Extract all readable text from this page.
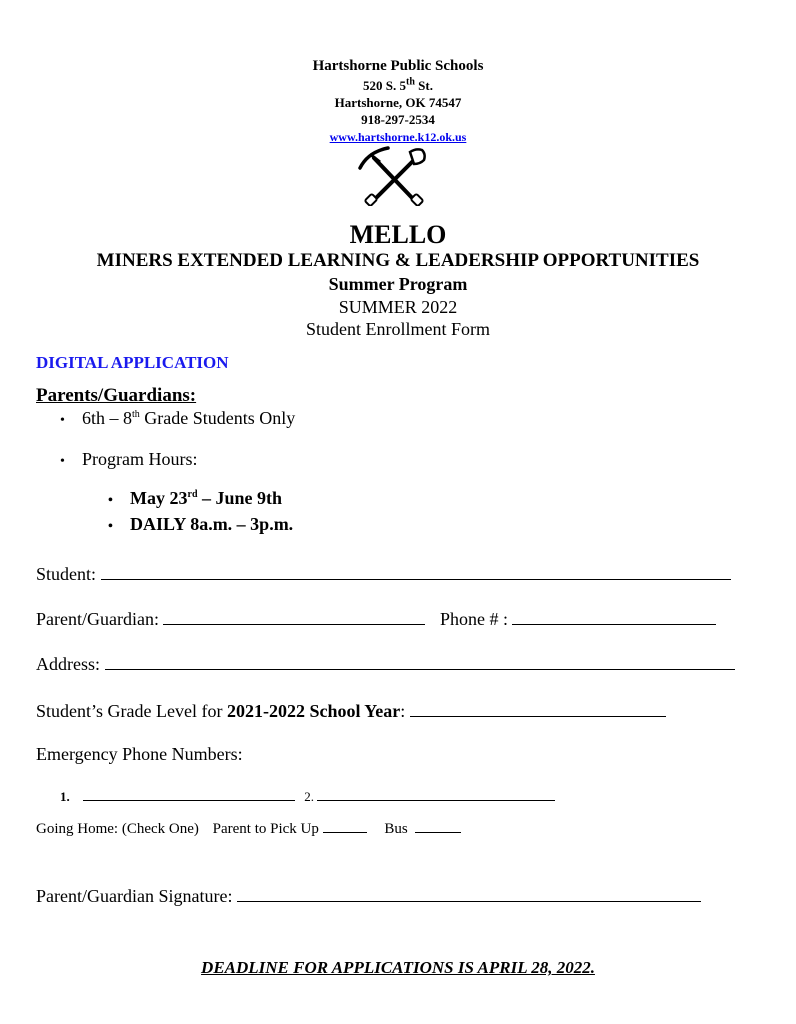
Hartshorne Public Schools
520 S. 5th St.
Hartshorne, OK 74547
918-297-2534
www.hartshorne.k12.ok.us
MELLO
MINERS EXTENDED LEARNING & LEADERSHIP OPPORTUNITIES
Summer Program
SUMMER 2022
Student Enrollment Form
DIGITAL APPLICATION
Parents/Guardians:
• 6th – 8th Grade Students Only
• Program Hours:
• May 23rd – June 9th
• DAILY 8a.m. – 3p.m.
Student:
Parent/Guardian:	Phone # :
Address:
Student’s Grade Level for 2021-2022 School Year:
Emergency Phone Numbers:
1.	2.
Going Home: (Check One) Parent to Pick Up	Bus
Parent/Guardian Signature:
DEADLINE FOR APPLICATIONS IS APRIL 28, 2022.
